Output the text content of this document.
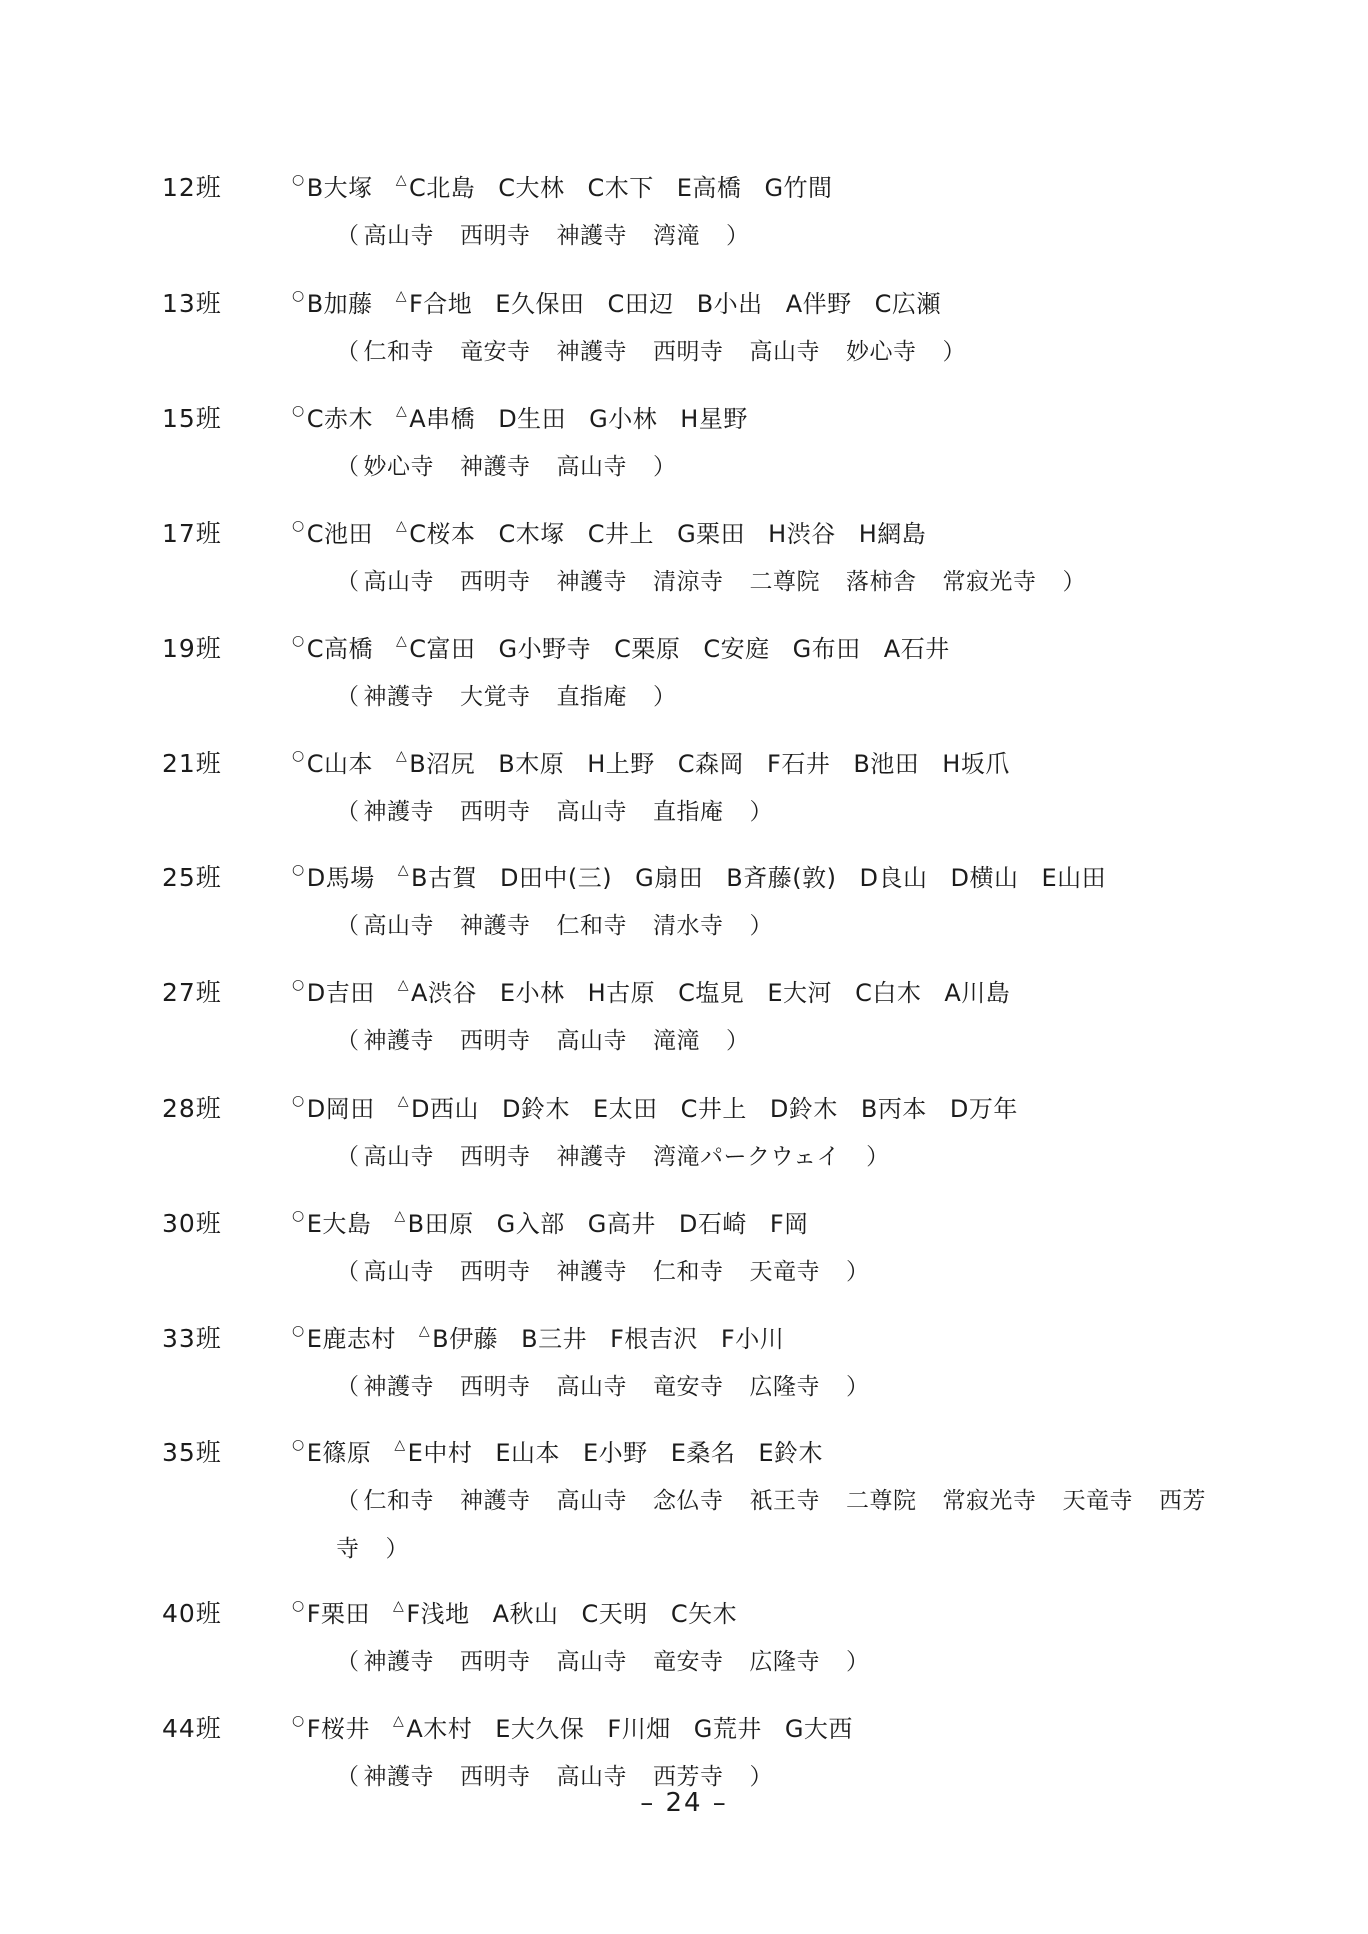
12班	○B大塚 △C北島 C大林 C木下 E高橋 G竹間
（ 高山寺 西明寺 神護寺 湾滝 ）
13班	○B加藤 △F合地 E久保田 C田辺 B小出 A伴野 C広瀬
（ 仁和寺 竜安寺 神護寺 西明寺 高山寺 妙心寺 ）
15班	○C赤木 △A串橋 D生田 G小林 H星野
（ 妙心寺 神護寺 高山寺 ）
17班	○C池田 △C桜本 C木塚 C井上 G栗田 H渋谷 H網島
（ 高山寺 西明寺 神護寺 清涼寺 二尊院 落柿舎 常寂光寺 ）
19班	○C高橋 △C富田 G小野寺 C栗原 C安庭 G布田 A石井
（ 神護寺 大覚寺 直指庵 ）
21班	○C山本 △B沼尻 B木原 H上野 C森岡 F石井 B池田 H坂爪
（ 神護寺 西明寺 高山寺 直指庵 ）
25班	○D馬場 △B古賀 D田中(三) G扇田 B斉藤(敦) D良山 D横山 E山田
（ 高山寺 神護寺 仁和寺 清水寺 ）
27班	○D吉田 △A渋谷 E小林 H古原 C塩見 E大河 C白木 A川島
（ 神護寺 西明寺 高山寺 滝滝 ）
28班	○D岡田 △D西山 D鈴木 E太田 C井上 D鈴木 B丙本 D万年
（ 高山寺 西明寺 神護寺 湾滝パークウェイ ）
30班	○E大島 △B田原 G入部 G高井 D石崎 F岡
（ 高山寺 西明寺 神護寺 仁和寺 天竜寺 ）
33班	○E鹿志村 △B伊藤 B三井 F根吉沢 F小川
（ 神護寺 西明寺 高山寺 竜安寺 広隆寺 ）
35班	○E篠原 △E中村 E山本 E小野 E桑名 E鈴木
（ 仁和寺 神護寺 高山寺 念仏寺 祇王寺 二尊院 常寂光寺 天竜寺 西芳寺 ）
40班	○F栗田 △F浅地 A秋山 C天明 C矢木
（ 神護寺 西明寺 高山寺 竜安寺 広隆寺 ）
44班	○F桜井 △A木村 E大久保 F川畑 G荒井 G大西
（ 神護寺 西明寺 高山寺 西芳寺 ）
– 24 –
